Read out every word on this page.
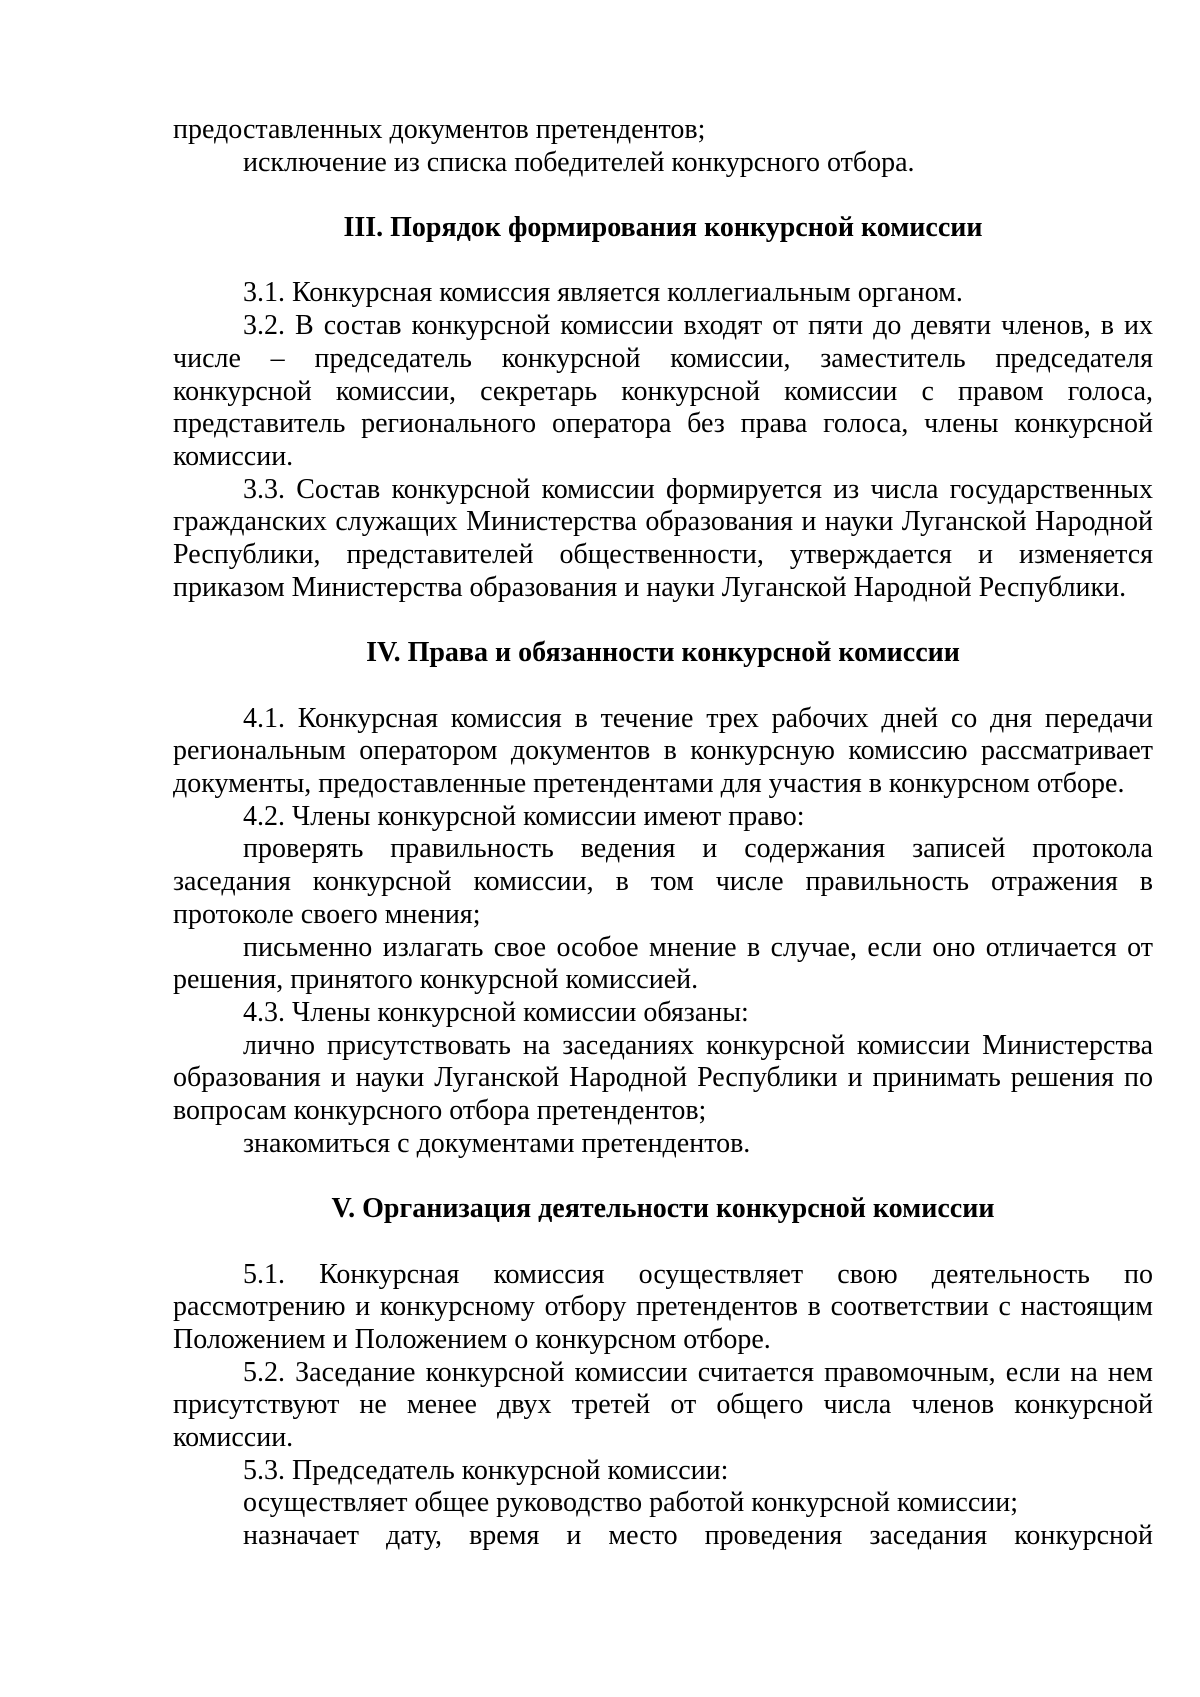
предоставленных документов претендентов;

исключение из списка победителей конкурсного отбора.

III. Порядок формирования конкурсной комиссии

3.1. Конкурсная комиссия является коллегиальным органом.

3.2. В состав конкурсной комиссии входят от пяти до девяти членов, в их числе – председатель конкурсной комиссии, заместитель председателя конкурсной комиссии, секретарь конкурсной комиссии с правом голоса, представитель регионального оператора без права голоса, члены конкурсной комиссии.

3.3. Состав конкурсной комиссии формируется из числа государственных гражданских служащих Министерства образования и науки Луганской Народной Республики, представителей общественности, утверждается и изменяется приказом Министерства образования и науки Луганской Народной Республики.

IV. Права и обязанности конкурсной комиссии

4.1. Конкурсная комиссия в течение трех рабочих дней со дня передачи региональным оператором документов в конкурсную комиссию рассматривает документы, предоставленные претендентами для участия в конкурсном отборе.

4.2. Члены конкурсной комиссии имеют право:

проверять правильность ведения и содержания записей протокола заседания конкурсной комиссии, в том числе правильность отражения в протоколе своего мнения;

письменно излагать свое особое мнение в случае, если оно отличается от решения, принятого конкурсной комиссией.

4.3. Члены конкурсной комиссии обязаны:

лично присутствовать на заседаниях конкурсной комиссии Министерства образования и науки Луганской Народной Республики и принимать решения по вопросам конкурсного отбора претендентов;

знакомиться с документами претендентов.

V. Организация деятельности конкурсной комиссии

5.1. Конкурсная комиссия осуществляет свою деятельность по рассмотрению и конкурсному отбору претендентов в соответствии с настоящим Положением и Положением о конкурсном отборе.

5.2. Заседание конкурсной комиссии считается правомочным, если на нем присутствуют не менее двух третей от общего числа членов конкурсной комиссии.

5.3. Председатель конкурсной комиссии:

осуществляет общее руководство работой конкурсной комиссии;

назначает дату, время и место проведения заседания конкурсной
